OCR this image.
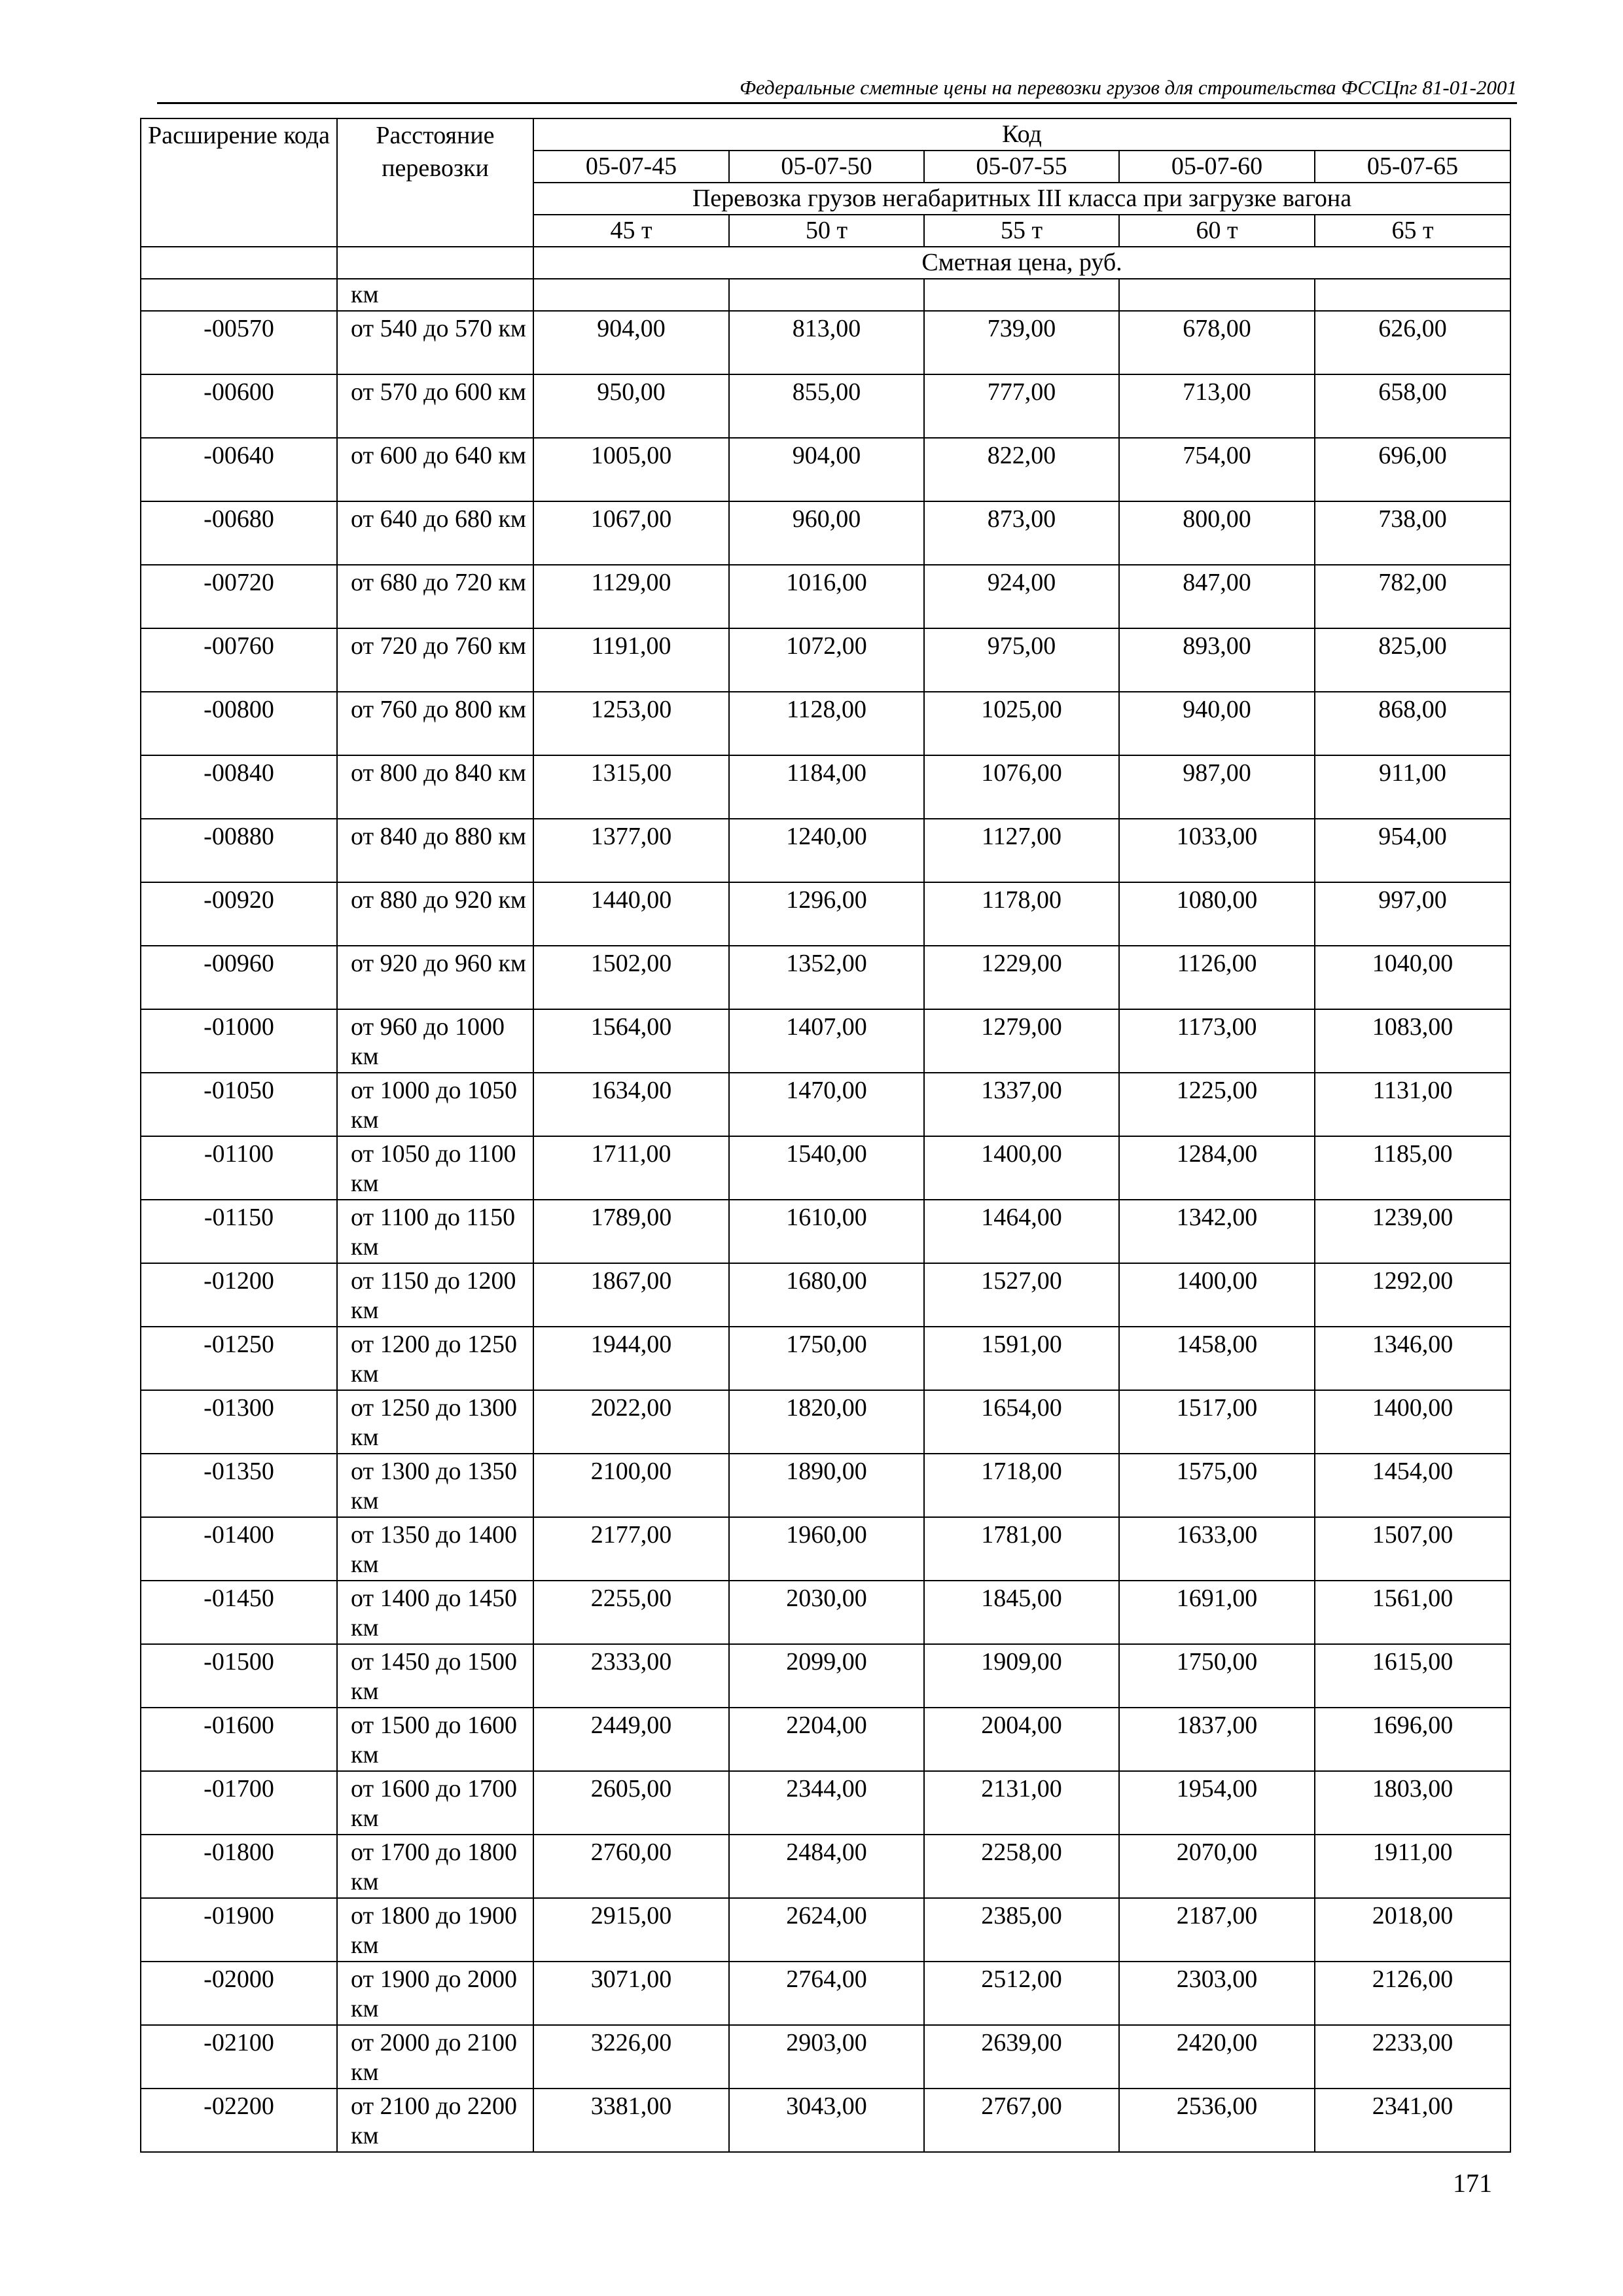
Федеральные сметные цены на перевозки грузов для строительства ФССЦпг 81-01-2001
Расширение кода	Расстояние перевозки	Код				
		05-07-45	05-07-50	05-07-55	05-07-60	05-07-65
		Перевозка грузов негабаритных III класса при загрузке вагона				
		45 т	50 т	55 т	60 т	65 т
		Сметная цена, руб.				
	км					
-00570	от 540 до 570 км	904,00	813,00	739,00	678,00	626,00
-00600	от 570 до 600 км	950,00	855,00	777,00	713,00	658,00
-00640	от 600 до 640 км	1005,00	904,00	822,00	754,00	696,00
-00680	от 640 до 680 км	1067,00	960,00	873,00	800,00	738,00
-00720	от 680 до 720 км	1129,00	1016,00	924,00	847,00	782,00
-00760	от 720 до 760 км	1191,00	1072,00	975,00	893,00	825,00
-00800	от 760 до 800 км	1253,00	1128,00	1025,00	940,00	868,00
-00840	от 800 до 840 км	1315,00	1184,00	1076,00	987,00	911,00
-00880	от 840 до 880 км	1377,00	1240,00	1127,00	1033,00	954,00
-00920	от 880 до 920 км	1440,00	1296,00	1178,00	1080,00	997,00
-00960	от 920 до 960 км	1502,00	1352,00	1229,00	1126,00	1040,00
-01000	от 960 до 1000 км	1564,00	1407,00	1279,00	1173,00	1083,00
-01050	от 1000 до 1050 км	1634,00	1470,00	1337,00	1225,00	1131,00
-01100	от 1050 до 1100 км	1711,00	1540,00	1400,00	1284,00	1185,00
-01150	от 1100 до 1150 км	1789,00	1610,00	1464,00	1342,00	1239,00
-01200	от 1150 до 1200 км	1867,00	1680,00	1527,00	1400,00	1292,00
-01250	от 1200 до 1250 км	1944,00	1750,00	1591,00	1458,00	1346,00
-01300	от 1250 до 1300 км	2022,00	1820,00	1654,00	1517,00	1400,00
-01350	от 1300 до 1350 км	2100,00	1890,00	1718,00	1575,00	1454,00
-01400	от 1350 до 1400 км	2177,00	1960,00	1781,00	1633,00	1507,00
-01450	от 1400 до 1450 км	2255,00	2030,00	1845,00	1691,00	1561,00
-01500	от 1450 до 1500 км	2333,00	2099,00	1909,00	1750,00	1615,00
-01600	от 1500 до 1600 км	2449,00	2204,00	2004,00	1837,00	1696,00
-01700	от 1600 до 1700 км	2605,00	2344,00	2131,00	1954,00	1803,00
-01800	от 1700 до 1800 км	2760,00	2484,00	2258,00	2070,00	1911,00
-01900	от 1800 до 1900 км	2915,00	2624,00	2385,00	2187,00	2018,00
-02000	от 1900 до 2000 км	3071,00	2764,00	2512,00	2303,00	2126,00
-02100	от 2000 до 2100 км	3226,00	2903,00	2639,00	2420,00	2233,00
-02200	от 2100 до 2200 км	3381,00	3043,00	2767,00	2536,00	2341,00
171
